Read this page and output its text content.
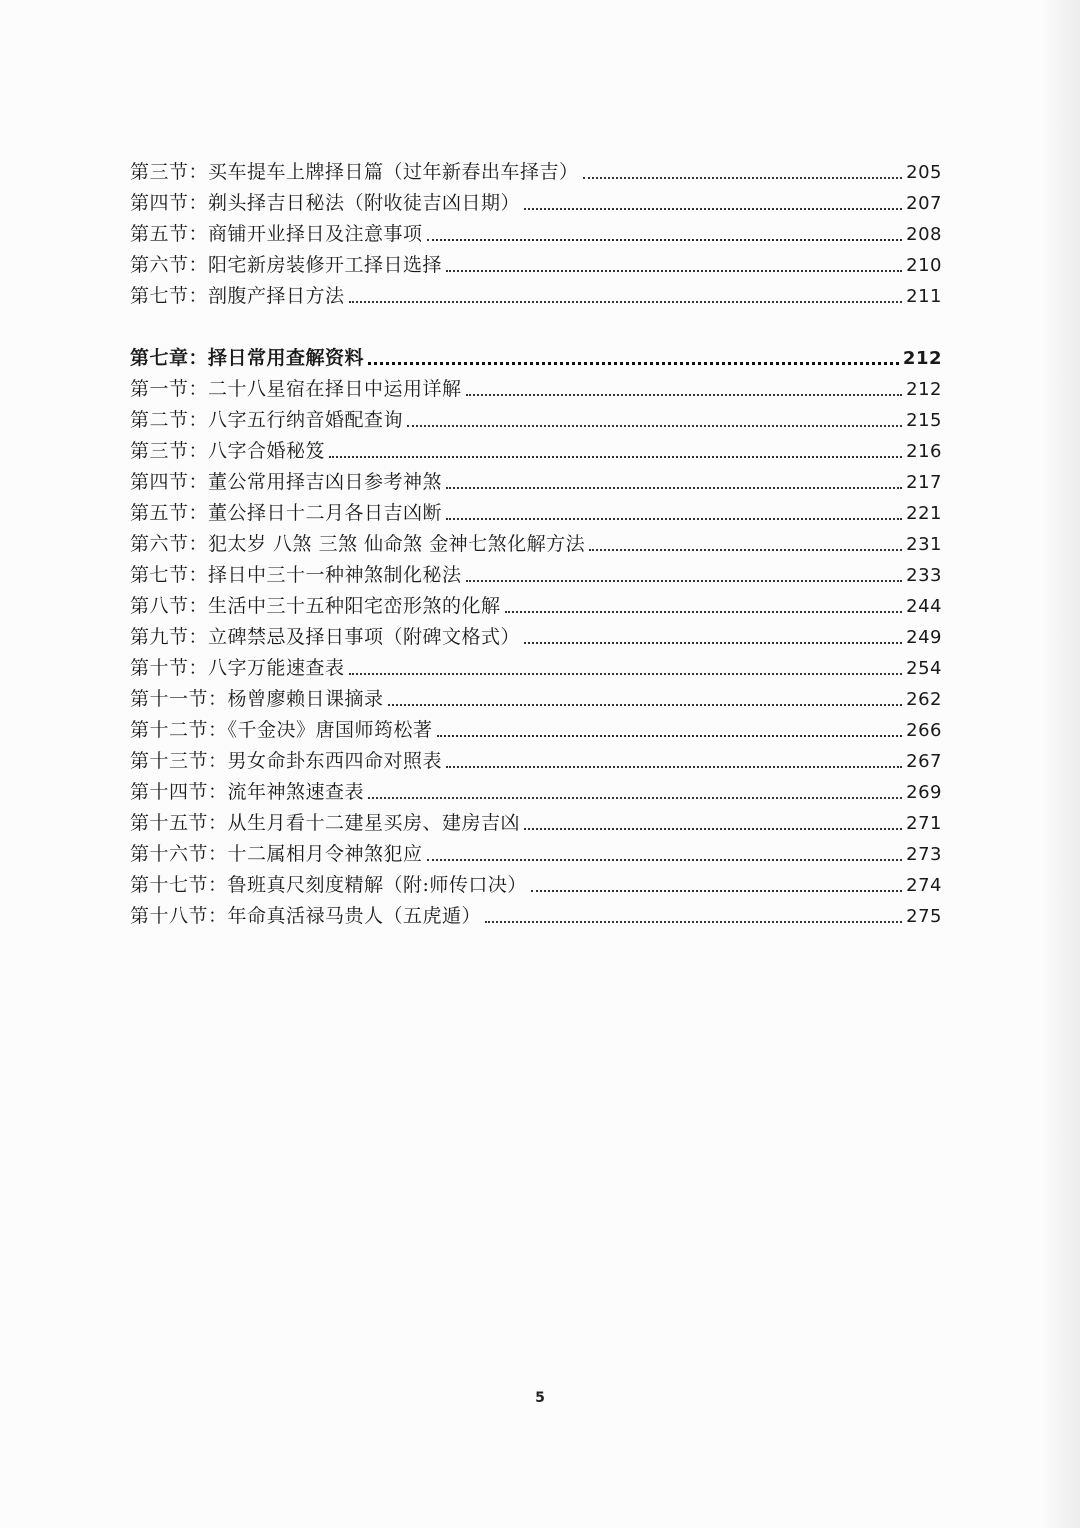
第三节：买车提车上牌择日篇（过年新春出车择吉）	205
第四节：剃头择吉日秘法（附收徒吉凶日期）	207
第五节：商铺开业择日及注意事项	208
第六节：阳宅新房装修开工择日选择	210
第七节：剖腹产择日方法	211
第七章：择日常用查解资料	212
第一节：二十八星宿在择日中运用详解	212
第二节：八字五行纳音婚配查询	215
第三节：八字合婚秘笈	216
第四节：董公常用择吉凶日参考神煞	217
第五节：董公择日十二月各日吉凶断	221
第六节：犯太岁 八煞 三煞 仙命煞 金神七煞化解方法	231
第七节：择日中三十一种神煞制化秘法	233
第八节：生活中三十五种阳宅峦形煞的化解	244
第九节：立碑禁忌及择日事项（附碑文格式）	249
第十节：八字万能速查表	254
第十一节：杨曾廖赖日课摘录	262
第十二节：《千金决》唐国师筠松著	266
第十三节：男女命卦东西四命对照表	267
第十四节：流年神煞速查表	269
第十五节：从生月看十二建星买房、建房吉凶	271
第十六节：十二属相月令神煞犯应	273
第十七节：鲁班真尺刻度精解（附:师传口决）	274
第十八节：年命真活禄马贵人（五虎遁）	275
5
